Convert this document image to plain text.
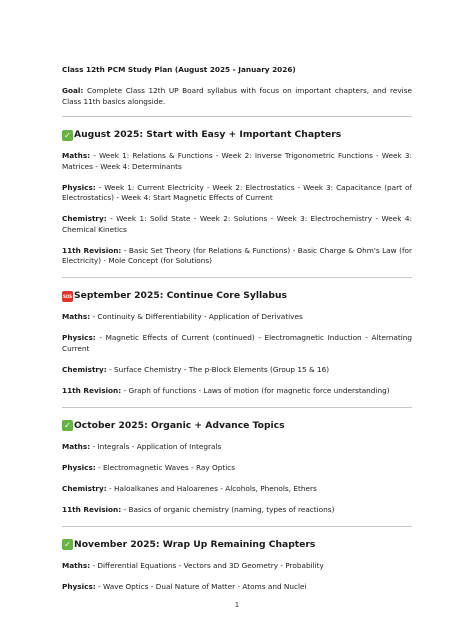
Class 12th PCM Study Plan (August 2025 - January 2026)

Goal: Complete Class 12th UP Board syllabus with focus on important chapters, and revise Class 11th basics alongside.

✓ August 2025: Start with Easy + Important Chapters

Maths: - Week 1: Relations & Functions - Week 2: Inverse Trigonometric Functions - Week 3: Matrices - Week 4: Determinants

Physics: - Week 1: Current Electricity - Week 2: Electrostatics - Week 3: Capacitance (part of Electrostatics) - Week 4: Start Magnetic Effects of Current

Chemistry: - Week 1: Solid State - Week 2: Solutions - Week 3: Electrochemistry - Week 4: Chemical Kinetics

11th Revision: - Basic Set Theory (for Relations & Functions) - Basic Charge & Ohm's Law (for Electricity) - Mole Concept (for Solutions)

SOS September 2025: Continue Core Syllabus

Maths: - Continuity & Differentiability - Application of Derivatives

Physics: - Magnetic Effects of Current (continued) - Electromagnetic Induction - Alternating Current

Chemistry: - Surface Chemistry - The p-Block Elements (Group 15 & 16)

11th Revision: - Graph of functions - Laws of motion (for magnetic force understanding)

✓ October 2025: Organic + Advance Topics

Maths: - Integrals - Application of Integrals

Physics: - Electromagnetic Waves - Ray Optics

Chemistry: - Haloalkanes and Haloarenes - Alcohols, Phenols, Ethers

11th Revision: - Basics of organic chemistry (naming, types of reactions)

✓ November 2025: Wrap Up Remaining Chapters

Maths: - Differential Equations - Vectors and 3D Geometry - Probability

Physics: - Wave Optics - Dual Nature of Matter - Atoms and Nuclei

1
